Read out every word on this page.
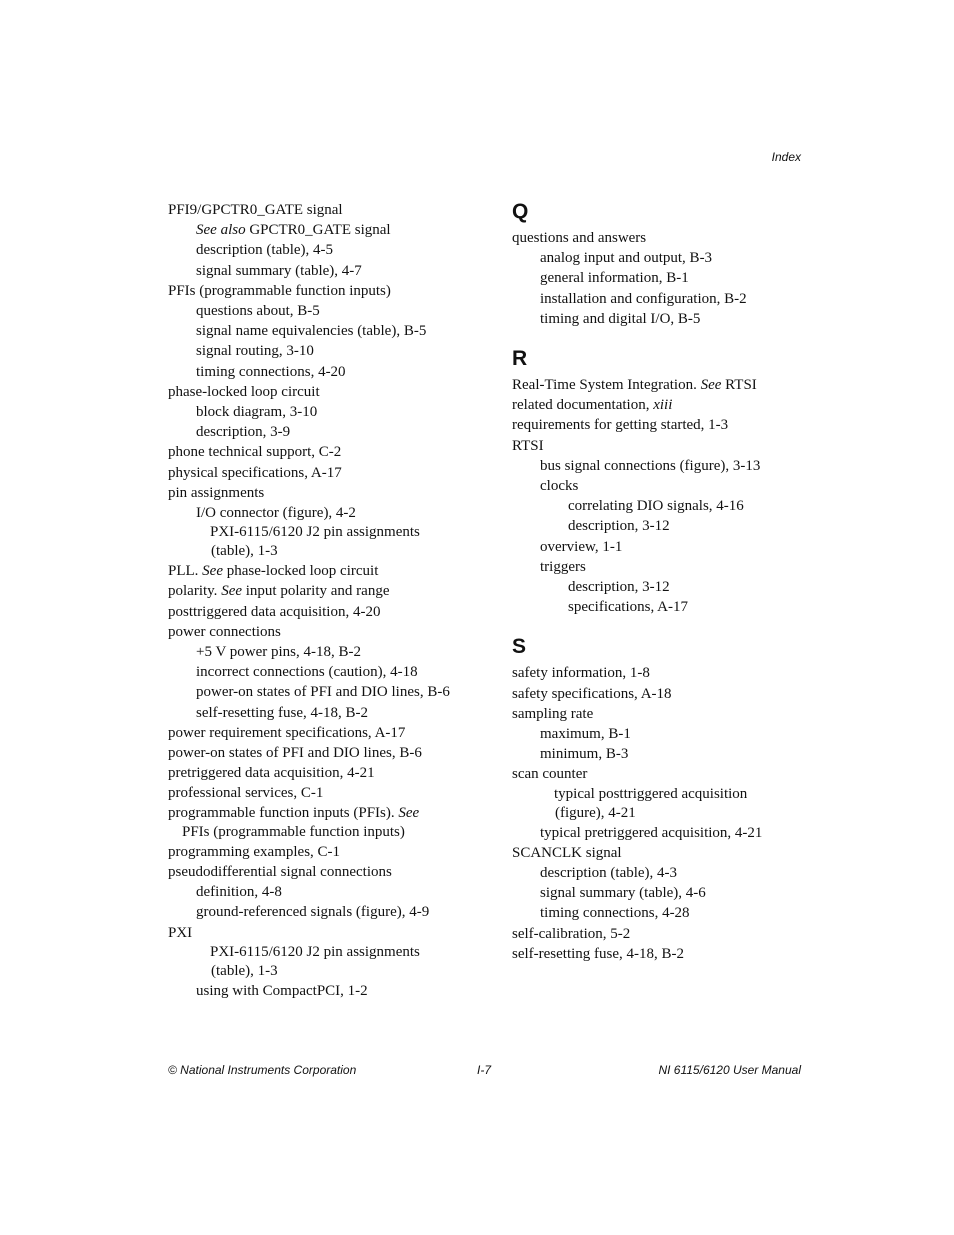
Index
PFI9/GPCTR0_GATE signal
See also GPCTR0_GATE signal
description (table), 4-5
signal summary (table), 4-7
PFIs (programmable function inputs)
questions about, B-5
signal name equivalencies (table), B-5
signal routing, 3-10
timing connections, 4-20
phase-locked loop circuit
block diagram, 3-10
description, 3-9
phone technical support, C-2
physical specifications, A-17
pin assignments
I/O connector (figure), 4-2
PXI-6115/6120 J2 pin assignments
(table), 1-3
PLL. See phase-locked loop circuit
polarity. See input polarity and range
posttriggered data acquisition, 4-20
power connections
+5 V power pins, 4-18, B-2
incorrect connections (caution), 4-18
power-on states of PFI and DIO lines, B-6
self-resetting fuse, 4-18, B-2
power requirement specifications, A-17
power-on states of PFI and DIO lines, B-6
pretriggered data acquisition, 4-21
professional services, C-1
programmable function inputs (PFIs). See
PFIs (programmable function inputs)
programming examples, C-1
pseudodifferential signal connections
definition, 4-8
ground-referenced signals (figure), 4-9
PXI
PXI-6115/6120 J2 pin assignments
(table), 1-3
using with CompactPCI, 1-2
Q
questions and answers
analog input and output, B-3
general information, B-1
installation and configuration, B-2
timing and digital I/O, B-5
R
Real-Time System Integration. See RTSI
related documentation, xiii
requirements for getting started, 1-3
RTSI
bus signal connections (figure), 3-13
clocks
correlating DIO signals, 4-16
description, 3-12
overview, 1-1
triggers
description, 3-12
specifications, A-17
S
safety information, 1-8
safety specifications, A-18
sampling rate
maximum, B-1
minimum, B-3
scan counter
typical posttriggered acquisition
(figure), 4-21
typical pretriggered acquisition, 4-21
SCANCLK signal
description (table), 4-3
signal summary (table), 4-6
timing connections, 4-28
self-calibration, 5-2
self-resetting fuse, 4-18, B-2
© National Instruments Corporation	I-7	NI 6115/6120 User Manual
